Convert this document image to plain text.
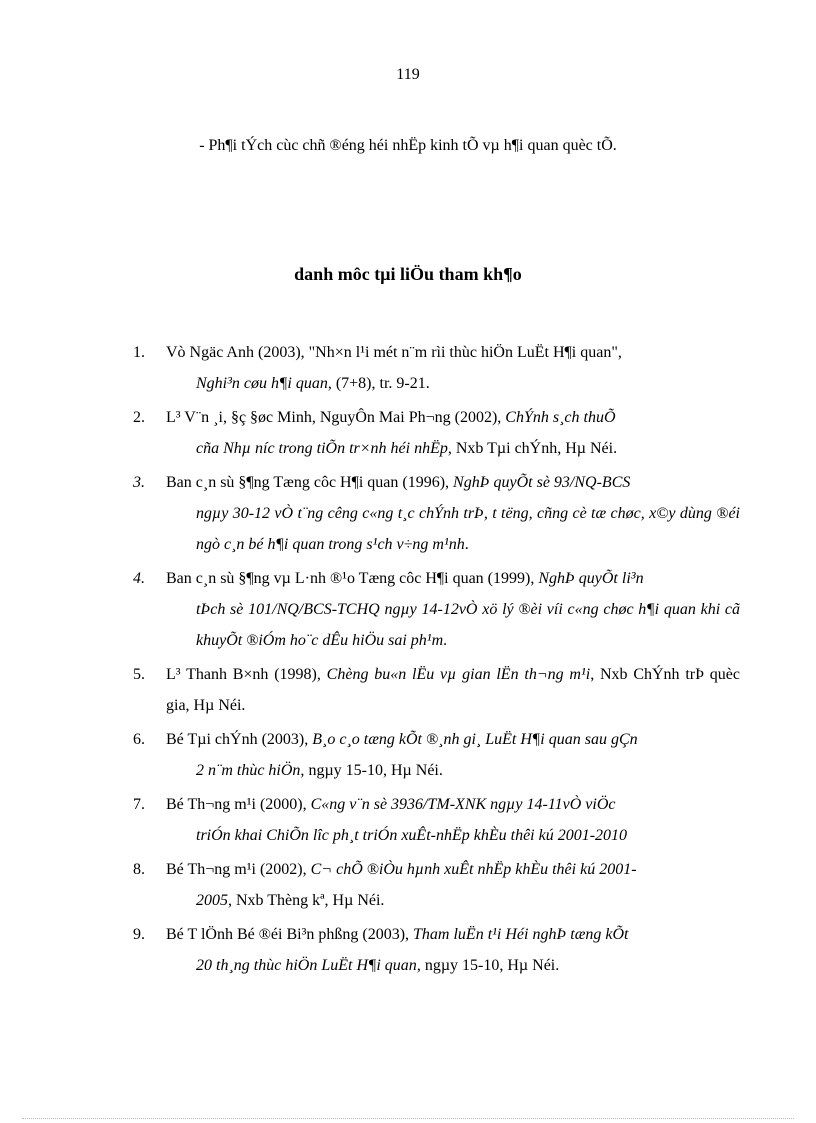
119
- Ph¶i tÝch cùc chñ ®éng héi nhËp kinh tÕ vµ h¶i quan quèc tÕ.
danh môc tµi liÖu tham kh¶o
1. Vò Ngäc Anh (2003), "Nh×n l¹i mét n¨m rìi thùc hiÖn LuËt H¶i quan",
Nghi³n cøu h¶i quan, (7+8), tr. 9-21.
2. L³ V¨n ¸i, §ç §øc Minh, NguyÔn Mai Ph¬ng (2002), ChÝnh s¸ch thuÕ
cña Nhµ níc trong tiÕn tr×nh héi nhËp, Nxb Tµi chÝnh, Hµ Néi.
3. Ban c¸n sù §¶ng Tæng côc H¶i quan (1996), NghÞ quyÕt sè 93/NQ-BCS
ngµy 30-12 vÒ t¨ng cêng c«ng t¸c chÝnh trÞ, t tëng, cñng cè tæ chøc, x©y dùng ®éi ngò c¸n bé h¶i quan trong s¹ch v÷ng m¹nh.
4. Ban c¸n sù §¶ng vµ L·nh ®¹o Tæng côc H¶i quan (1999), NghÞ quyÕt li³n
tÞch sè 101/NQ/BCS-TCHQ ngµy 14-12vÒ xö lý ®èi víi c«ng chøc h¶i quan khi cã khuyÕt ®iÓm ho¨c dÊu hiÖu sai ph¹m.
5. L³ Thanh B×nh (1998), Chèng bu«n lËu vµ gian lËn th¬ng m¹i, Nxb ChÝnh trÞ quèc gia, Hµ Néi.
6. Bé Tµi chÝnh (2003), B¸o c¸o tæng kÕt ®¸nh gi¸ LuËt H¶i quan sau gÇn
2 n¨m thùc hiÖn, ngµy 15-10, Hµ Néi.
7. Bé Th¬ng m¹i (2000), C«ng v¨n sè 3936/TM-XNK ngµy 14-11vÒ viÖc
triÓn khai ChiÕn lîc ph¸t triÓn xuÊt-nhËp khÈu thêi kú 2001-2010
8. Bé Th¬ng m¹i (2002), C¬ chÕ ®iÒu hµnh xuÊt nhËp khÈu thêi kú 2001-
2005, Nxb Thèng kª, Hµ Néi.
9. Bé T lÖnh Bé ®éi Bi³n phßng (2003), Tham luËn t¹i Héi nghÞ tæng kÕt
20 th¸ng thùc hiÖn LuËt H¶i quan, ngµy 15-10, Hµ Néi.
